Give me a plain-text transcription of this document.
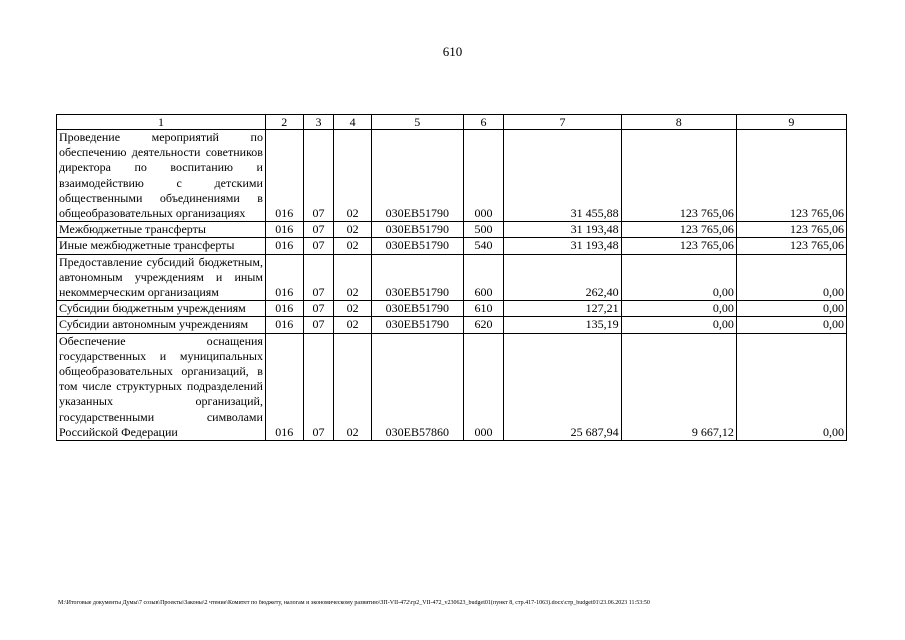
610
1	2	3	4	5	6	7	8	9
Проведение мероприятий по обеспечению деятельности советников директора по воспитанию и взаимодействию с детскими общественными объединениями в общеобразовательных организациях	016	07	02	030EB51790	000	31 455,88	123 765,06	123 765,06
Межбюджетные трансферты	016	07	02	030EB51790	500	31 193,48	123 765,06	123 765,06
Иные межбюджетные трансферты	016	07	02	030EB51790	540	31 193,48	123 765,06	123 765,06
Предоставление субсидий бюджетным, автономным учреждениям и иным некоммерческим организациям	016	07	02	030EB51790	600	262,40	0,00	0,00
Субсидии бюджетным учреждениям	016	07	02	030EB51790	610	127,21	0,00	0,00
Субсидии автономным учреждениям	016	07	02	030EB51790	620	135,19	0,00	0,00
Обеспечение оснащения государственных и муниципальных общеобразовательных организаций, в том числе структурных подразделений указанных организаций, государственными символами Российской Федерации	016	07	02	030EB57860	000	25 687,94	9 667,12	0,00
M:\Итоговые документы Думы\7 созыв\Проекты\Законы\2 чтение\Комитет по бюджету, налогам и экономическому развитию\ЗП-VII-472\гр2_VII-472_v230623_budget01(пункт 8, стр.417-1063).docx\стр_budget01\23.06.2023 11:53:50
